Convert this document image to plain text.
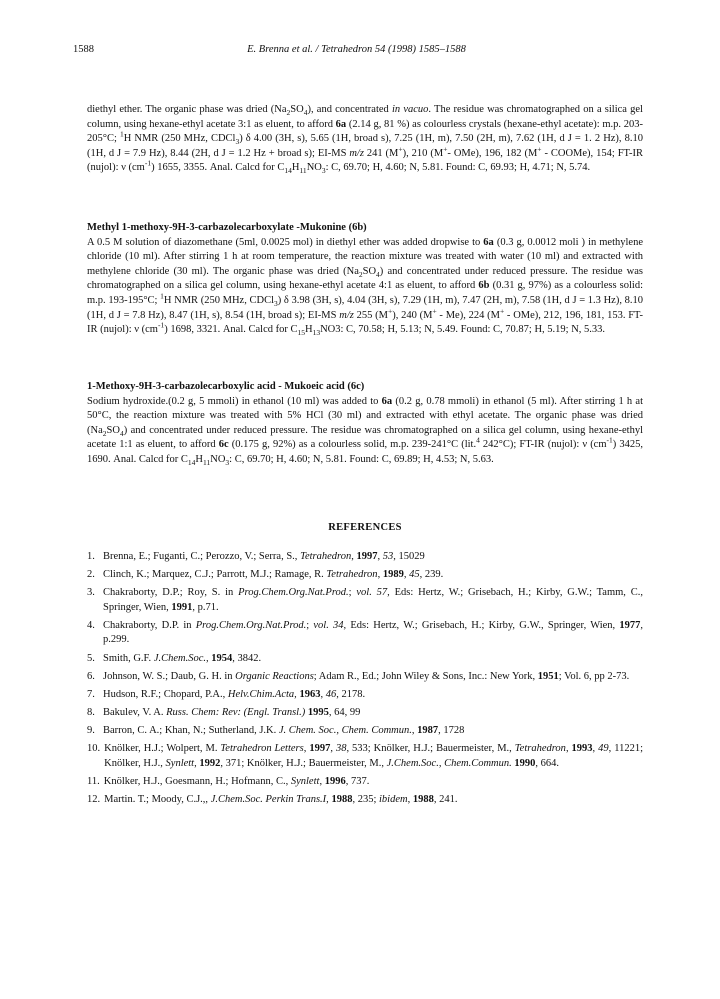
1588	E. Brenna et al. / Tetrahedron 54 (1998) 1585–1588

diethyl ether. The organic phase was dried $(Na_2SO_4)$, and concentrated in vacuo. The residue was chromatographed on a silica gel column, using hexane-ethyl acetate 3:1 as eluent, to afford 6a (2.14 g, 81 %) as colourless crystals (hexane-ethyl acetate): m.p. 203-205°C; $^1$H NMR (250 MHz, CDCl$_3$) δ 4.00 (3H, s), 5.65 (1H, broad s), 7.25 (1H, m), 7.50 (2H, m), 7.62 (1H, d J = 1. 2 Hz), 8.10 (1H, d J = 7.9 Hz), 8.44 (2H, d J = 1.2 Hz + broad s); EI-MS m/z 241 (M+), 210 (M+- OMe), 196, 182 (M+ - COOMe), 154; FT-IR (nujol): ν $(cm^{-1})$ 1655, 3355. Anal. Calcd for $C_{14}H_{11}NO_3$: C, 69.70; H, 4.60; N, 5.81. Found: C, 69.93; H, 4.71; N, 5.74.

Methyl 1-methoxy-9H-3-carbazolecarboxylate -Mukonine (6b)

A 0.5 M solution of diazomethane (5ml, 0.0025 mol) in diethyl ether was added dropwise to 6a (0.3 g, 0.0012 moli ) in methylene chloride (10 ml). After stirring 1 h at room temperature, the reaction mixture was treated with water (10 ml) and extracted with methylene chloride (30 ml). The organic phase was dried $(Na_2SO_4)$ and concentrated under reduced pressure. The residue was chromatographed on a silica gel column, using hexane-ethyl acetate 4:1 as eluent, to afford 6b (0.31 g, 97%) as a colourless solid: m.p. 193-195°C; $^1$H NMR (250 MHz, CDCl$_3$) δ 3.98 (3H, s), 4.04 (3H, s), 7.29 (1H, m), 7.47 (2H, m), 7.58 (1H, d J = 1.3 Hz), 8.10 (1H, d J = 7.8 Hz), 8.47 (1H, s), 8.54 (1H, broad s); EI-MS m/z 255 (M+), 240 (M+ - Me), 224 (M+ - OMe), 212, 196, 181, 153. FT-IR (nujol): ν $(cm^{-1})$ 1698, 3321. Anal. Calcd for $C_{15}H_{13}NO3$: C, 70.58; H, 5.13; N, 5.49. Found: C, 70.87; H, 5.19; N, 5.33.

1-Methoxy-9H-3-carbazolecarboxylic acid - Mukoeic acid (6c)

Sodium hydroxide.(0.2 g, 5 mmoli) in ethanol (10 ml) was added to 6a (0.2 g, 0.78 mmoli) in ethanol (5 ml). After stirring 1 h at 50°C, the reaction mixture was treated with 5% HCl (30 ml) and extracted with ethyl acetate. The organic phase was dried $(Na_2SO_4)$ and concentrated under reduced pressure. The residue was chromatographed on a silica gel column, using hexane-ethyl acetate 1:1 as eluent, to afford 6c (0.175 g, 92%) as a colourless solid, m.p. 239-241°C (lit.$^4$ 242°C); FT-IR (nujol): ν $(cm^{-1})$ 3425, 1690. Anal. Calcd for $C_{14}H_{11}NO_3$: C, 69.70; H, 4.60; N, 5.81. Found: C, 69.89; H, 4.53; N, 5.63.

REFERENCES
1. Brenna, E.; Fuganti, C.; Perozzo, V.; Serra, S., Tetrahedron, 1997, 53, 15029
2. Clinch, K.; Marquez, C.J.; Parrott, M.J.; Ramage, R. Tetrahedron, 1989, 45, 239.
3. Chakraborty, D.P.; Roy, S. in Prog.Chem.Org.Nat.Prod.; vol. 57, Eds: Hertz, W.; Grisebach, H.; Kirby, G.W.; Tamm, C., Springer, Wien, 1991, p.71.
4. Chakraborty, D.P. in Prog.Chem.Org.Nat.Prod.; vol. 34, Eds: Hertz, W.; Grisebach, H.; Kirby, G.W., Springer, Wien, 1977, p.299.
5. Smith, G.F. J.Chem.Soc., 1954, 3842.
6. Johnson, W. S.; Daub, G. H. in Organic Reactions; Adam R., Ed.; John Wiley & Sons, Inc.: New York, 1951; Vol. 6, pp 2-73.
7. Hudson, R.F.; Chopard, P.A., Helv.Chim.Acta, 1963, 46, 2178.
8. Bakulev, V. A. Russ. Chem: Rev: (Engl. Transl.) 1995, 64, 99
9. Barron, C. A.; Khan, N.; Sutherland, J.K. J. Chem. Soc., Chem. Commun., 1987, 1728
10. Knölker, H.J.; Wolpert, M. Tetrahedron Letters, 1997, 38, 533; Knölker, H.J.; Bauermeister, M., Tetrahedron, 1993, 49, 11221; Knölker, H.J., Synlett, 1992, 371; Knölker, H.J.; Bauermeister, M., J.Chem.Soc., Chem.Commun. 1990, 664.
11. Knölker, H.J., Goesmann, H.; Hofmann, C., Synlett, 1996, 737.
12. Martin. T.; Moody, C.J.,, J.Chem.Soc. Perkin Trans.I, 1988, 235; ibidem, 1988, 241.
